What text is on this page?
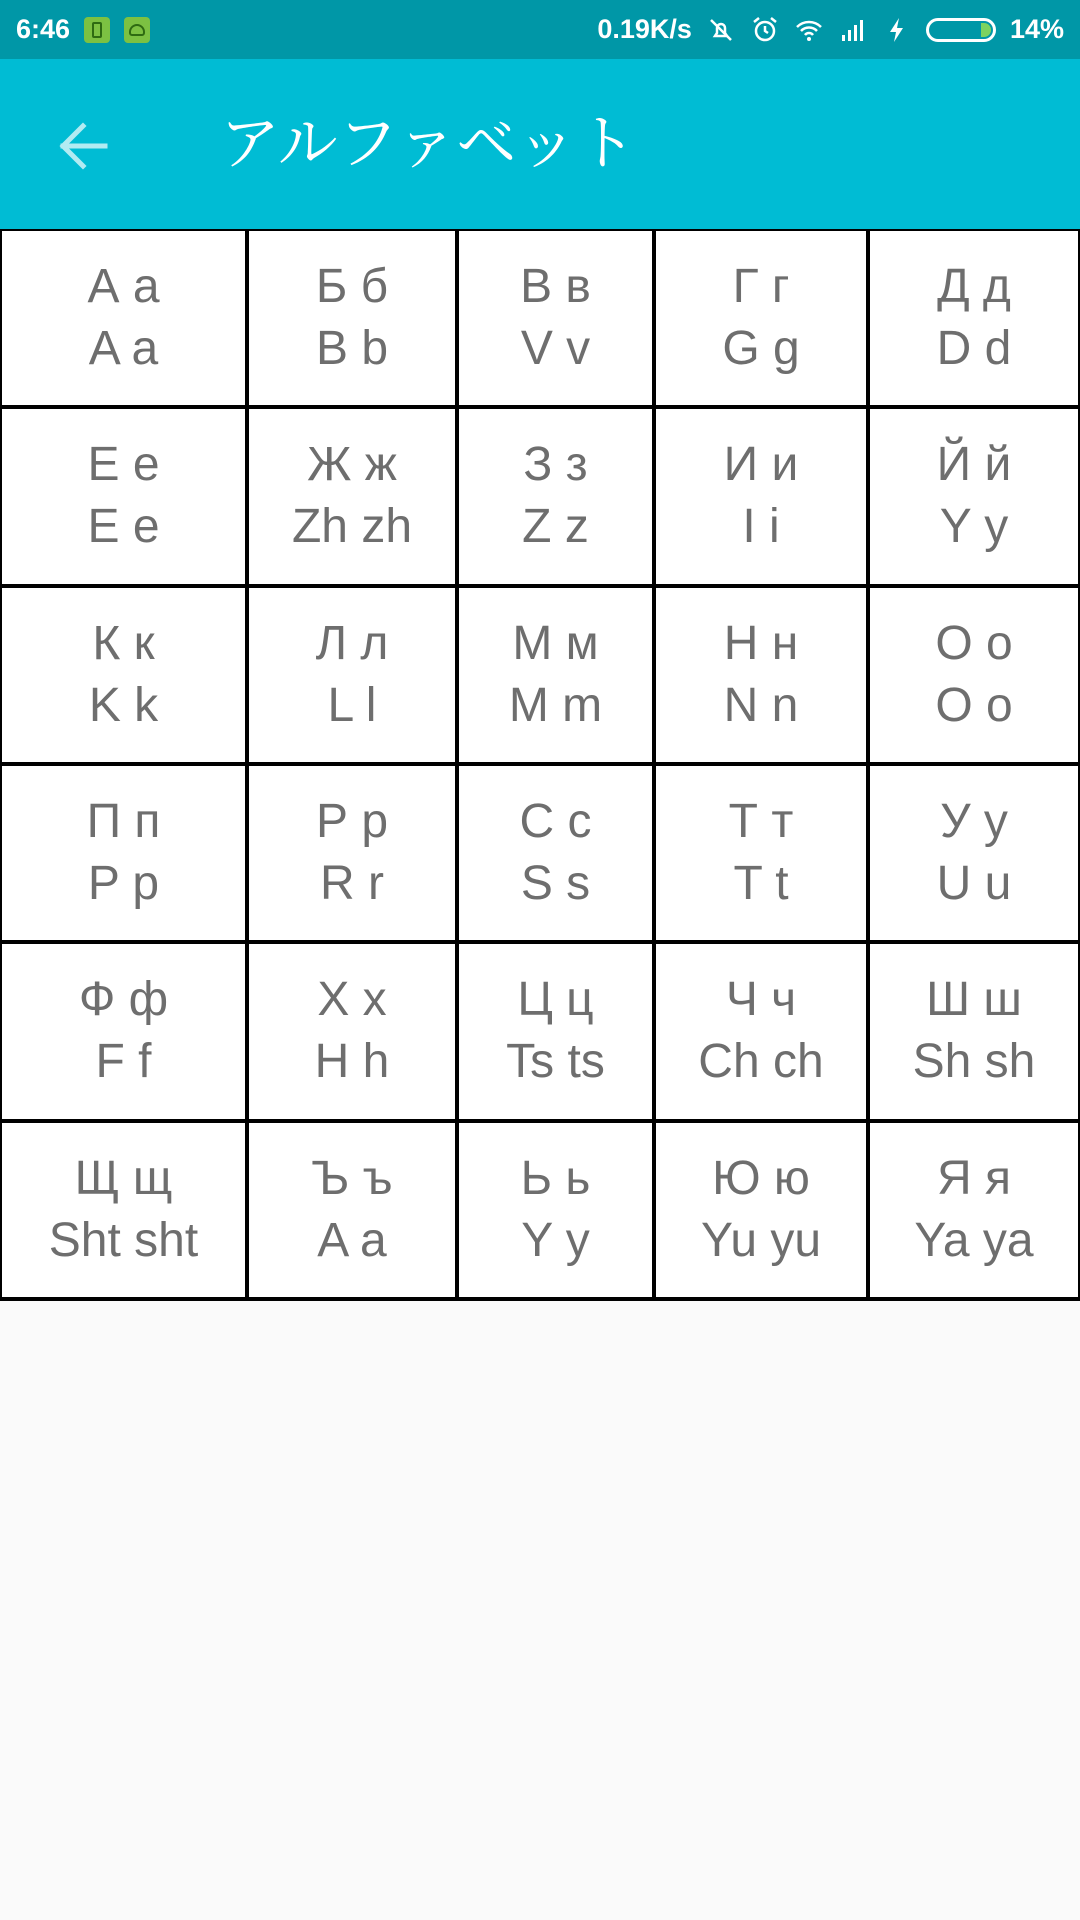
6:46	0.19K/s	14%
アルファベット
А а
A a
Б б
B b
В в
V v
Г г
G g
Д д
D d
Е е
E e
Ж ж
Zh zh
З з
Z z
И и
I i
Й й
Y y
К к
K k
Л л
L l
М м
M m
Н н
N n
О о
O o
П п
P p
Р р
R r
С с
S s
Т т
T t
У у
U u
Ф ф
F f
Х х
H h
Ц ц
Ts ts
Ч ч
Ch ch
Ш ш
Sh sh
Щ щ
Sht sht
Ъ ъ
A a
Ь ь
Y y
Ю ю
Yu yu
Я я
Ya ya
